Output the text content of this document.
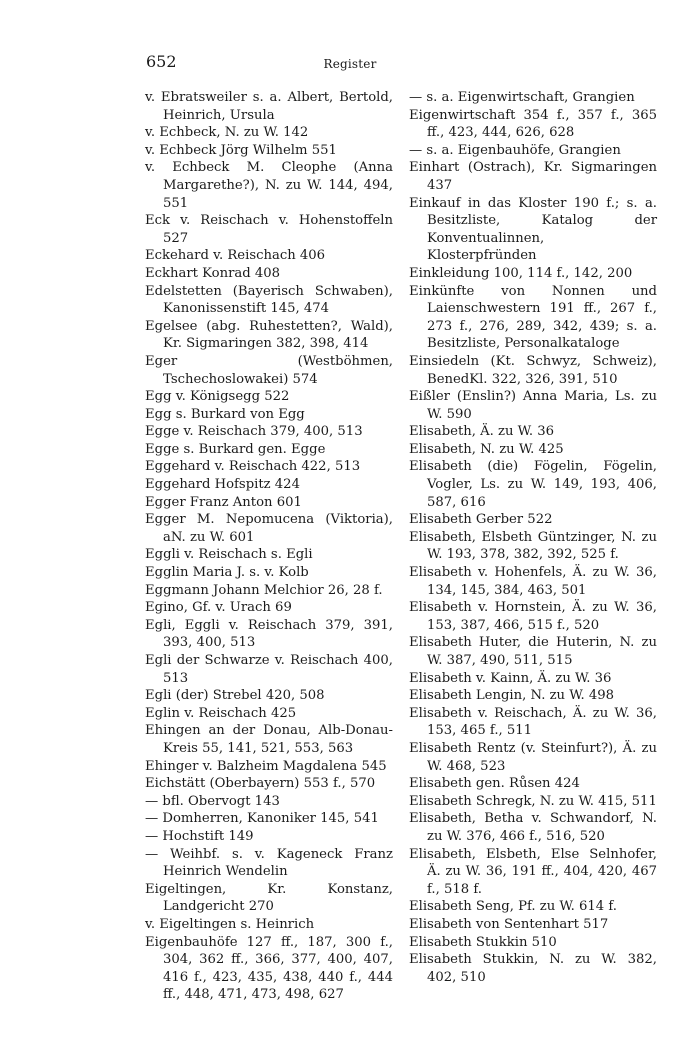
652	Register

v. Ebratsweiler s. a. Albert, Bertold, Heinrich, Ursula

v. Echbeck, N. zu W. 142

v. Echbeck Jörg Wilhelm 551

v. Echbeck M. Cleophe (Anna Margarethe?), N. zu W. 144, 494, 551

Eck v. Reischach v. Hohenstoffeln 527

Eckehard v. Reischach 406

Eckhart Konrad 408

Edelstetten (Bayerisch Schwaben), Kanonissenstift 145, 474

Egelsee (abg. Ruhestetten?, Wald), Kr. Sigmaringen 382, 398, 414

Eger (Westböhmen, Tschechoslowakei) 574

Egg v. Königsegg 522

Egg s. Burkard von Egg

Egge v. Reischach 379, 400, 513

Egge s. Burkard gen. Egge

Eggehard v. Reischach 422, 513

Eggehard Hofspitz 424

Egger Franz Anton 601

Egger M. Nepomucena (Viktoria), aN. zu W. 601

Eggli v. Reischach s. Egli

Egglin Maria J. s. v. Kolb

Eggmann Johann Melchior 26, 28 f.

Egino, Gf. v. Urach 69

Egli, Eggli v. Reischach 379, 391, 393, 400, 513

Egli der Schwarze v. Reischach 400, 513

Egli (der) Strebel 420, 508

Eglin v. Reischach 425

Ehingen an der Donau, Alb-Donau-Kreis 55, 141, 521, 553, 563

Ehinger v. Balzheim Magdalena 545

Eichstätt (Oberbayern) 553 f., 570

— bfl. Obervogt 143

— Domherren, Kanoniker 145, 541

— Hochstift 149

— Weihbf. s. v. Kageneck Franz Heinrich Wendelin

Eigeltingen, Kr. Konstanz, Landgericht 270

v. Eigeltingen s. Heinrich

Eigenbauhöfe 127 ff., 187, 300 f., 304, 362 ff., 366, 377, 400, 407, 416 f., 423, 435, 438, 440 f., 444 ff., 448, 471, 473, 498, 627

— s. a. Eigenwirtschaft, Grangien

Eigenwirtschaft 354 f., 357 f., 365 ff., 423, 444, 626, 628

— s. a. Eigenbauhöfe, Grangien

Einhart (Ostrach), Kr. Sigmaringen 437

Einkauf in das Kloster 190 f.; s. a. Besitzliste, Katalog der Konventualinnen, Klosterpfründen

Einkleidung 100, 114 f., 142, 200

Einkünfte von Nonnen und Laienschwestern 191 ff., 267 f., 273 f., 276, 289, 342, 439; s. a. Besitzliste, Personalkataloge

Einsiedeln (Kt. Schwyz, Schweiz), BenedKl. 322, 326, 391, 510

Eißler (Enslin?) Anna Maria, Ls. zu W. 590

Elisabeth, Ä. zu W. 36

Elisabeth, N. zu W. 425

Elisabeth (die) Fögelin, Fögelin, Vogler, Ls. zu W. 149, 193, 406, 587, 616

Elisabeth Gerber 522

Elisabeth, Elsbeth Güntzinger, N. zu W. 193, 378, 382, 392, 525 f.

Elisabeth v. Hohenfels, Ä. zu W. 36, 134, 145, 384, 463, 501

Elisabeth v. Hornstein, Ä. zu W. 36, 153, 387, 466, 515 f., 520

Elisabeth Huter, die Huterin, N. zu W. 387, 490, 511, 515

Elisabeth v. Kainn, Ä. zu W. 36

Elisabeth Lengin, N. zu W. 498

Elisabeth v. Reischach, Ä. zu W. 36, 153, 465 f., 511

Elisabeth Rentz (v. Steinfurt?), Ä. zu W. 468, 523

Elisabeth gen. Růsen 424

Elisabeth Schregk, N. zu W. 415, 511

Elisabeth, Betha v. Schwandorf, N. zu W. 376, 466 f., 516, 520

Elisabeth, Elsbeth, Else Selnhofer, Ä. zu W. 36, 191 ff., 404, 420, 467 f., 518 f.

Elisabeth Seng, Pf. zu W. 614 f.

Elisabeth von Sentenhart 517

Elisabeth Stukkin 510

Elisabeth Stukkin, N. zu W. 382, 402, 510
